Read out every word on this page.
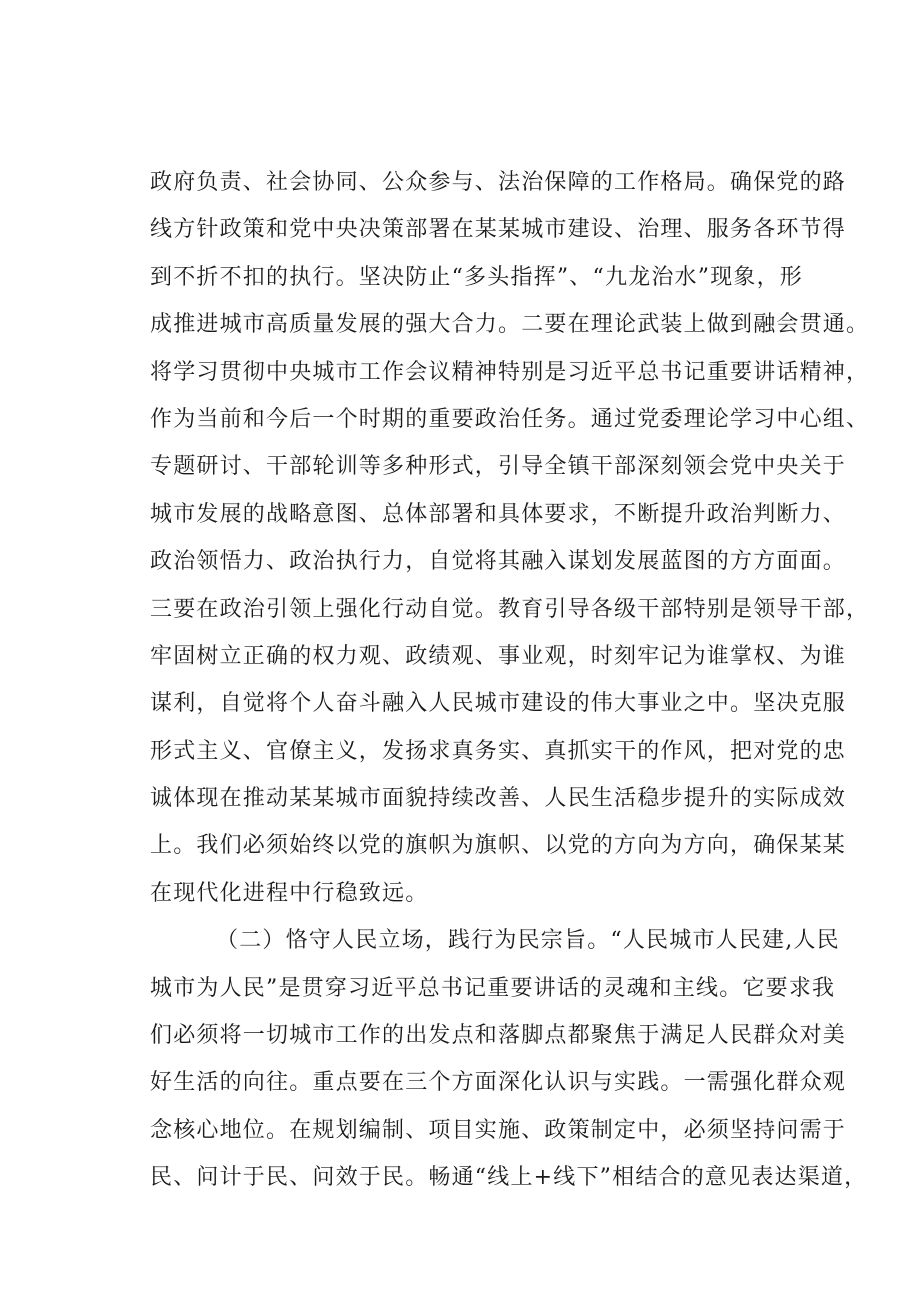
政府负责、社会协同、公众参与、法治保障的工作格局。确保党的路
线方针政策和党中央决策部署在某某城市建设、治理、服务各环节得
到不折不扣的执行。坚决防止“多头指挥”、“九龙治水”现象，形
成推进城市高质量发展的强大合力。二要在理论武装上做到融会贯通。
将学习贯彻中央城市工作会议精神特别是习近平总书记重要讲话精神，
作为当前和今后一个时期的重要政治任务。通过党委理论学习中心组、
专题研讨、干部轮训等多种形式，引导全镇干部深刻领会党中央关于
城市发展的战略意图、总体部署和具体要求，不断提升政治判断力、
政治领悟力、政治执行力，自觉将其融入谋划发展蓝图的方方面面。
三要在政治引领上强化行动自觉。教育引导各级干部特别是领导干部，
牢固树立正确的权力观、政绩观、事业观，时刻牢记为谁掌权、为谁
谋利，自觉将个人奋斗融入人民城市建设的伟大事业之中。坚决克服
形式主义、官僚主义，发扬求真务实、真抓实干的作风，把对党的忠
诚体现在推动某某城市面貌持续改善、人民生活稳步提升的实际成效
上。我们必须始终以党的旗帜为旗帜、以党的方向为方向，确保某某
在现代化进程中行稳致远。
（二）恪守人民立场，践行为民宗旨。“人民城市人民建,人民
城市为人民”是贯穿习近平总书记重要讲话的灵魂和主线。它要求我
们必须将一切城市工作的出发点和落脚点都聚焦于满足人民群众对美
好生活的向往。重点要在三个方面深化认识与实践。一需强化群众观
念核心地位。在规划编制、项目实施、政策制定中，必须坚持问需于
民、问计于民、问效于民。畅通“线上+线下”相结合的意见表达渠道，
